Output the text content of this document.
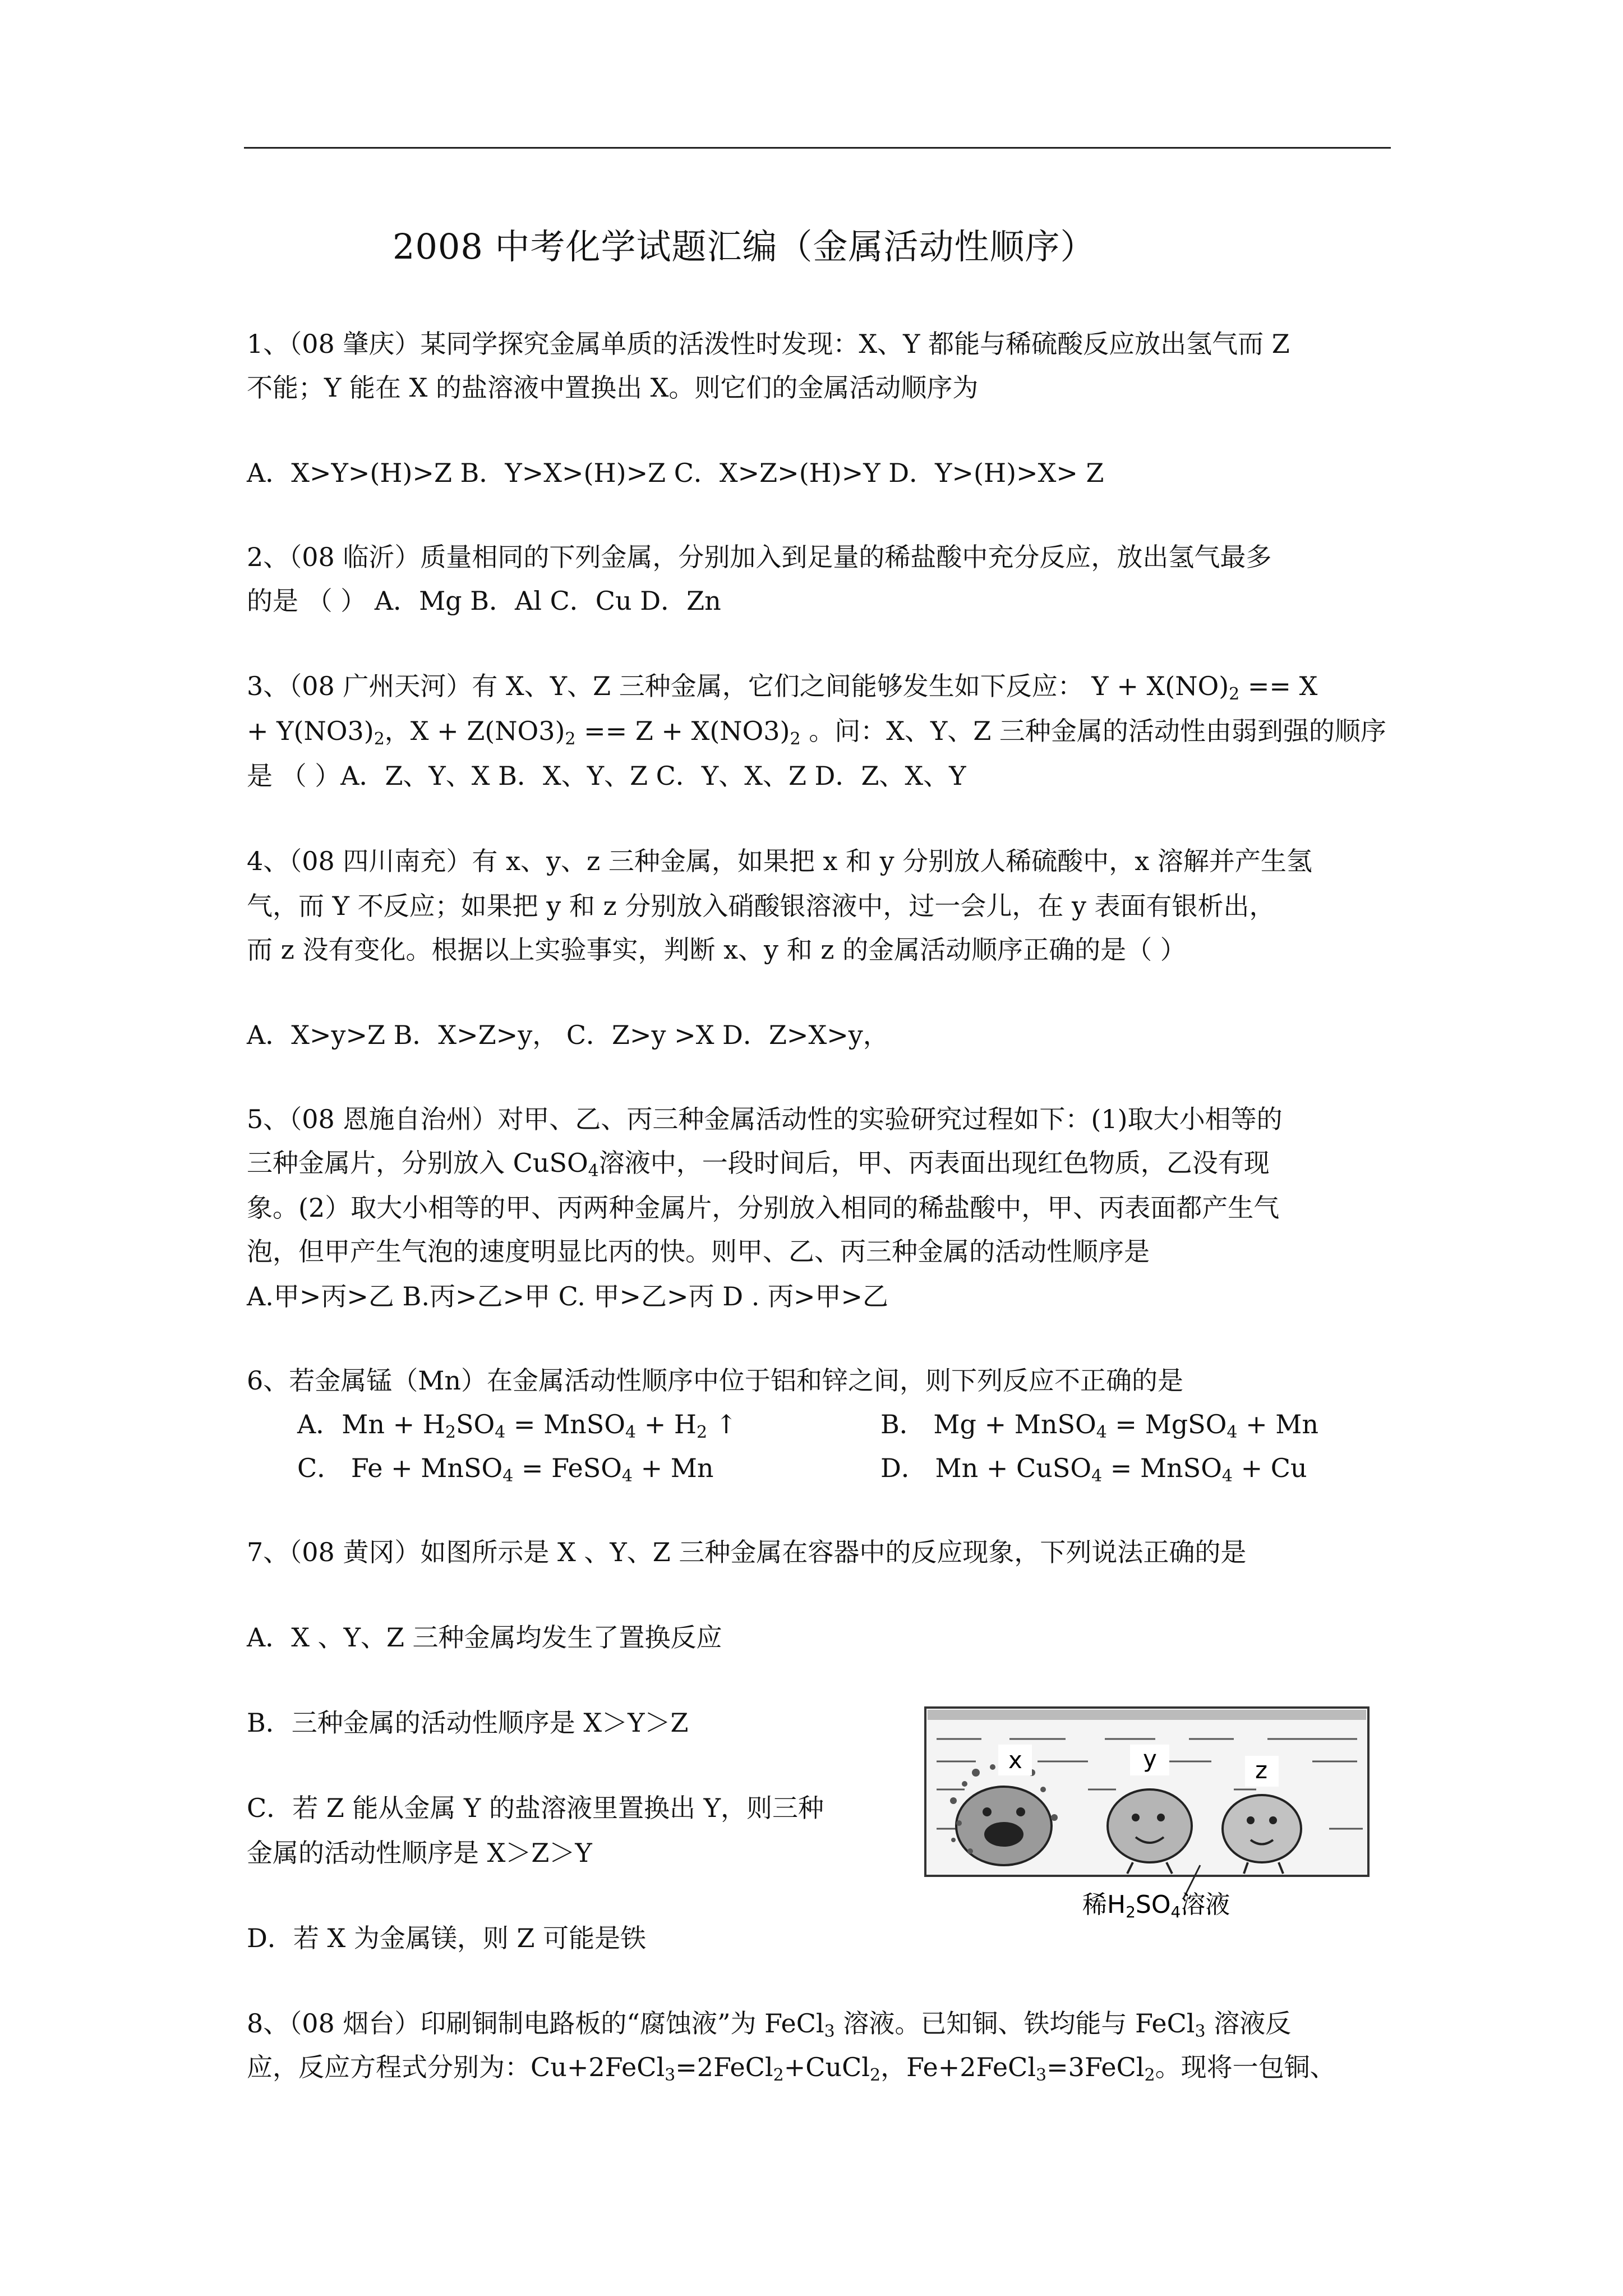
2008 中考化学试题汇编（金属活动性顺序）
1、（08 肇庆）某同学探究金属单质的活泼性时发现：X、Y 都能与稀硫酸反应放出氢气而 Z
不能；Y 能在 X 的盐溶液中置换出 X。则它们的金属活动顺序为
A．X>Y>(H)>Z B．Y>X>(H)>Z C．X>Z>(H)>Y D．Y>(H)>X> Z
2、（08 临沂）质量相同的下列金属，分别加入到足量的稀盐酸中充分反应，放出氢气最多
的是 （ ） A．Mg B．Al C．Cu D．Zn
3、（08 广州天河）有 X、Y、Z 三种金属，它们之间能够发生如下反应： $Y + X(NO)_2 == X$
+ $Y(NO3)_2$，$X + Z(NO3)_2 == Z + X(NO3)_2$ 。问：X、Y、Z 三种金属的活动性由弱到强的顺序
是 （ ）A．Z、Y、X B．X、Y、Z C．Y、X、Z D．Z、X、Y
4、（08 四川南充）有 x、y、z 三种金属，如果把 x 和 y 分别放人稀硫酸中，x 溶解并产生氢
气，而 Y 不反应；如果把 y 和 z 分别放入硝酸银溶液中，过一会儿，在 y 表面有银析出，
而 z 没有变化。根据以上实验事实，判断 x、y 和 z 的金属活动顺序正确的是（ ）
A．X>y>Z B．X>Z>y， C．Z>y >X D．Z>X>y，
5、（08 恩施自治州）对甲、乙、丙三种金属活动性的实验研究过程如下：(1)取大小相等的
三种金属片，分别放入 CuSO$_4$溶液中，一段时间后，甲、丙表面出现红色物质，乙没有现
象。(2）取大小相等的甲、丙两种金属片，分别放入相同的稀盐酸中，甲、丙表面都产生气
泡，但甲产生气泡的速度明显比丙的快。则甲、乙、丙三种金属的活动性顺序是
A.甲>丙>乙 B.丙>乙>甲 C. 甲>乙>丙 D . 丙>甲>乙
6、若金属锰（Mn）在金属活动性顺序中位于铝和锌之间，则下列反应不正确的是
A．$Mn + H_2SO_4$ = MnSO$_4$ + $H_2$ ↑	B． Mg + MnSO$_4$ = MgSO$_4$ + Mn
C． Fe + MnSO$_4$ = FeSO$_4$ + Mn	D． Mn + CuSO$_4$ = MnSO$_4$ + Cu
7、（08 黄冈）如图所示是 X 、Y、Z 三种金属在容器中的反应现象，下列说法正确的是
A．X 、Y、Z 三种金属均发生了置换反应
B．三种金属的活动性顺序是 X＞Y＞Z
C．若 Z 能从金属 Y 的盐溶液里置换出 Y，则三种
金属的活动性顺序是 X＞Z＞Y
D．若 X 为金属镁，则 Z 可能是铁
x	y	z
稀H2SO4溶液
8、（08 烟台）印刷铜制电路板的“腐蚀液”为 FeCl$_3$ 溶液。已知铜、铁均能与 FeCl$_3$ 溶液反
应，反应方程式分别为：Cu+2FeCl$_3$=2FeCl$_2$+CuCl$_2$，Fe+2FeCl$_3$=3FeCl$_2$。现将一包铜、
